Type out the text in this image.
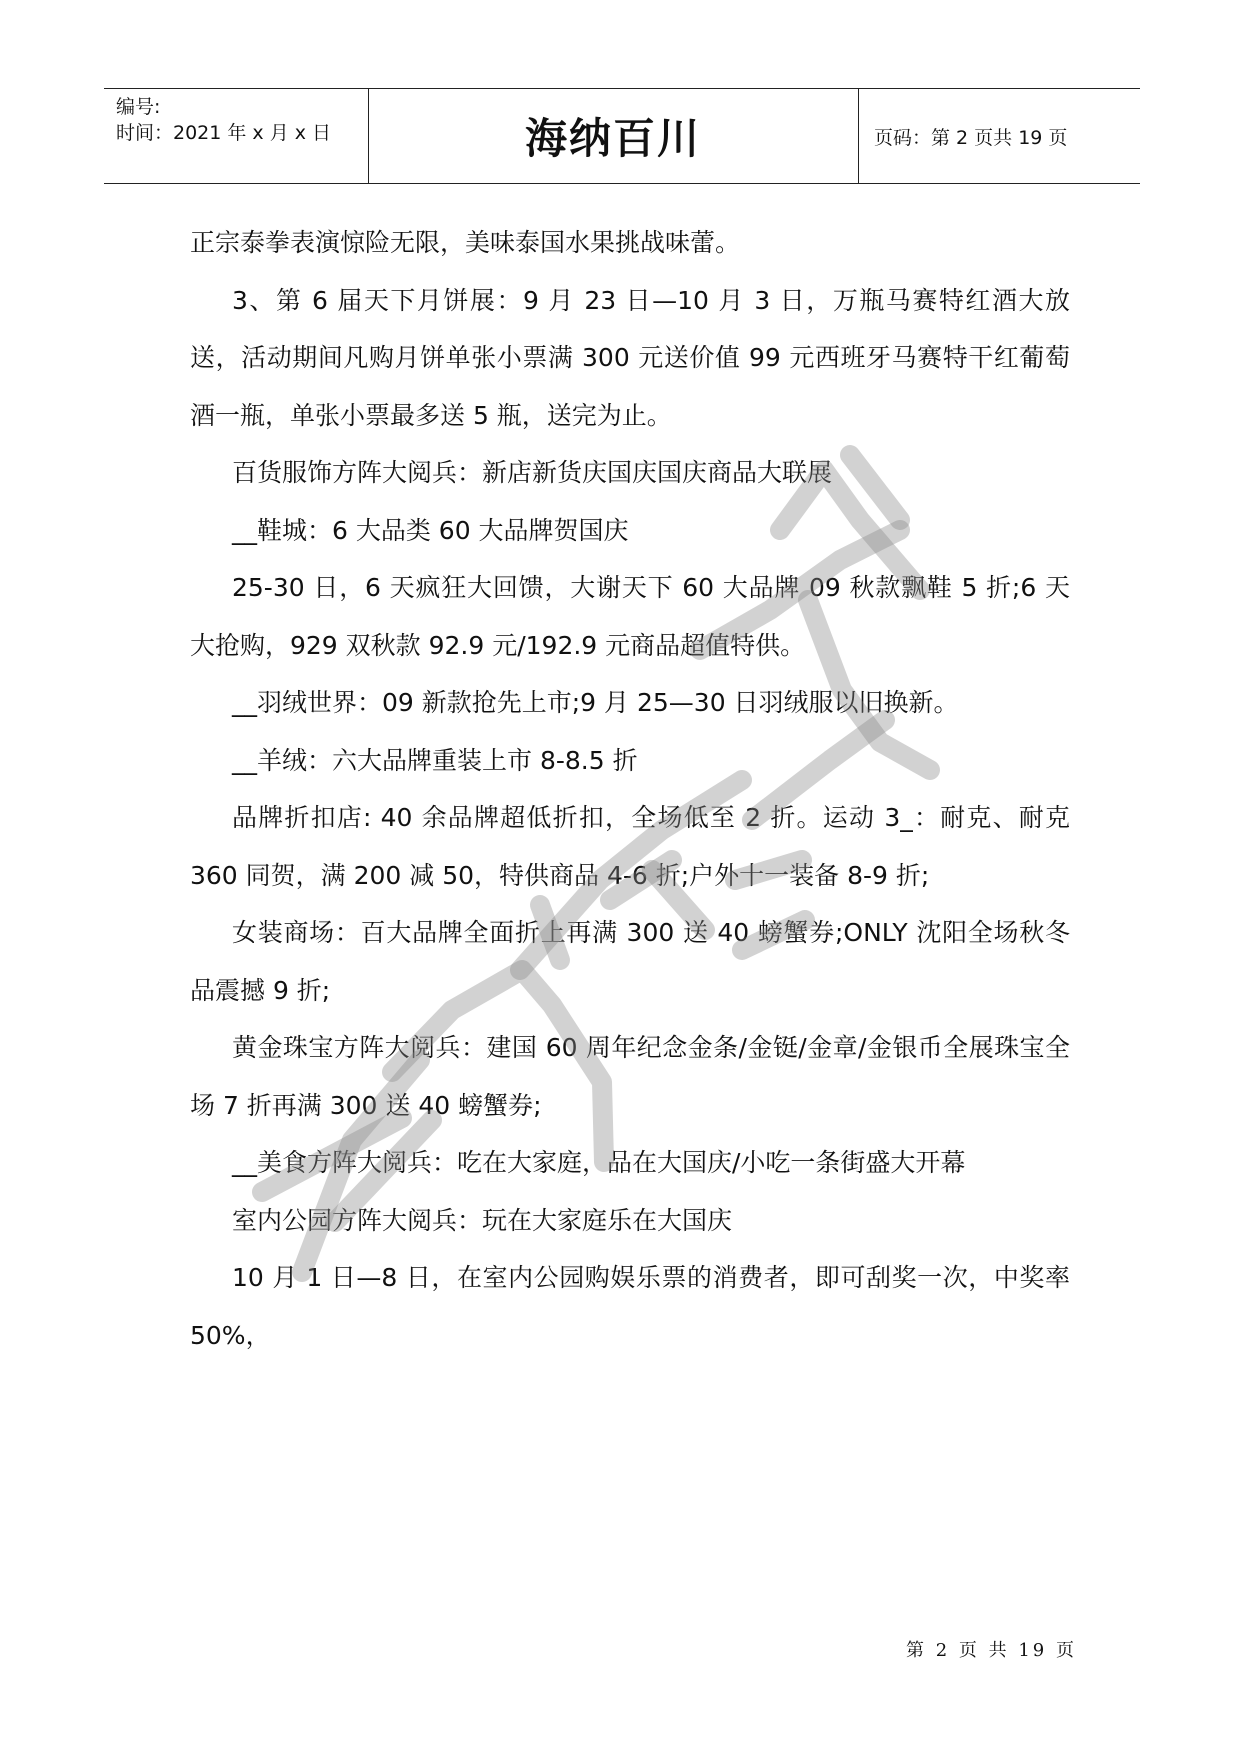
编号:
时间：2021 年 x 月 x 日	海纳百川	页码：第 2 页共 19 页

正宗泰拳表演惊险无限，美味泰国水果挑战味蕾。

3、第 6 届天下月饼展：9 月 23 日—10 月 3 日，万瓶马赛特红酒大放送，活动期间凡购月饼单张小票满 300 元送价值 99 元西班牙马赛特干红葡萄酒一瓶，单张小票最多送 5 瓶，送完为止。

百货服饰方阵大阅兵：新店新货庆国庆国庆商品大联展

__鞋城：6 大品类 60 大品牌贺国庆

25-30 日，6 天疯狂大回馈，大谢天下 60 大品牌 09 秋款飘鞋 5 折;6 天大抢购，929 双秋款 92.9 元/192.9 元商品超值特供。

__羽绒世界：09 新款抢先上市;9 月 25—30 日羽绒服以旧换新。

__羊绒：六大品牌重装上市 8-8.5 折

品牌折扣店: 40 余品牌超低折扣，全场低至 2 折。运动 3_：耐克、耐克 360 同贺，满 200 减 50，特供商品 4-6 折;户外十一装备 8-9 折;

女装商场：百大品牌全面折上再满 300 送 40 螃蟹券;ONLY 沈阳全场秋冬品震撼 9 折;

黄金珠宝方阵大阅兵：建国 60 周年纪念金条/金铤/金章/金银币全展珠宝全场 7 折再满 300 送 40 螃蟹券;

__美食方阵大阅兵：吃在大家庭，品在大国庆/小吃一条街盛大开幕

室内公园方阵大阅兵：玩在大家庭乐在大国庆

10 月 1 日—8 日，在室内公园购娱乐票的消费者，即可刮奖一次，中奖率 50%，

第 2 页 共 19 页
